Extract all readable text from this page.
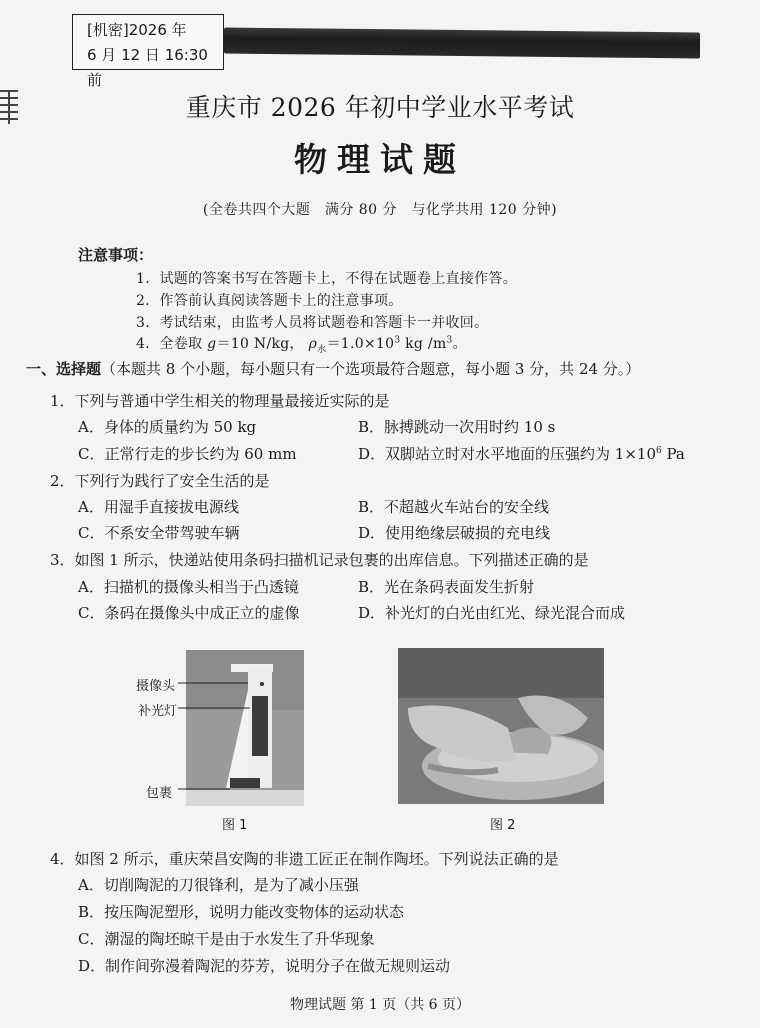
[机密]2026 年
6 月 12 日 16:30 前
重庆市 2026 年初中学业水平考试
物理试题
(全卷共四个大题　满分 80 分　与化学共用 120 分钟)
注意事项：
1．试题的答案书写在答题卡上，不得在试题卷上直接作答。
2．作答前认真阅读答题卡上的注意事项。
3．考试结束，由监考人员将试题卷和答题卡一并收回。
4．全卷取 g＝10 N/kg， $\rho_水=1.0\times 10^3$ kg $/m^3$。
一、选择题（本题共 8 个小题，每小题只有一个选项最符合题意，每小题 3 分，共 24 分。）
1．下列与普通中学生相关的物理量最接近实际的是
A．身体的质量约为 50 kg	B．脉搏跳动一次用时约 10 s
C．正常行走的步长约为 60 mm	D．双脚站立时对水平地面的压强约为 $1\times 10^6$ Pa
2．下列行为践行了安全生活的是
A．用湿手直接拔电源线	B．不超越火车站台的安全线
C．不系安全带驾驶车辆	D．使用绝缘层破损的充电线
3．如图 1 所示，快递站使用条码扫描机记录包裹的出库信息。下列描述正确的是
A．扫描机的摄像头相当于凸透镜	B．光在条码表面发生折射
C．条码在摄像头中成正立的虚像	D．补光灯的白光由红光、绿光混合而成
摄像头
补光灯
包裹
图 1	图 2
4．如图 2 所示，重庆荣昌安陶的非遗工匠正在制作陶坯。下列说法正确的是
A．切削陶泥的刀很锋利，是为了减小压强
B．按压陶泥塑形，说明力能改变物体的运动状态
C．潮湿的陶坯晾干是由于水发生了升华现象
D．制作间弥漫着陶泥的芬芳，说明分子在做无规则运动
物理试题 第 1 页（共 6 页）
